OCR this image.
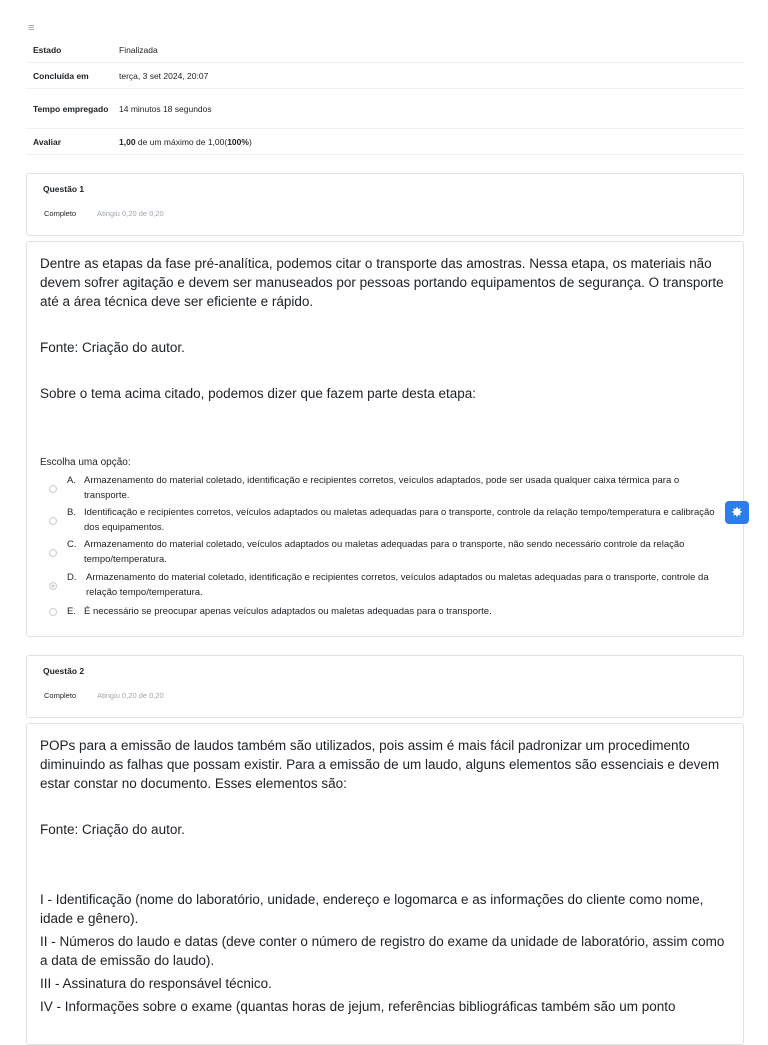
≡
Estado	Finalizada
Concluída em	terça, 3 set 2024, 20:07
Tempo empregado	14 minutos 18 segundos
Avaliar	1,00 de um máximo de 1,00(100%)
Questão 1
Completo	Atingiu 0,20 de 0,20

Dentre as etapas da fase pré-analítica, podemos citar o transporte das amostras. Nessa etapa, os materiais não devem sofrer agitação e devem ser manuseados por pessoas portando equipamentos de segurança. O transporte até a área técnica deve ser eficiente e rápido.

Fonte: Criação do autor.

Sobre o tema acima citado, podemos dizer que fazem parte desta etapa:

Escolha uma opção:
A. Armazenamento do material coletado, identificação e recipientes corretos, veículos adaptados, pode ser usada qualquer caixa térmica para o transporte.
B. Identificação e recipientes corretos, veículos adaptados ou maletas adequadas para o transporte, controle da relação tempo/temperatura e calibração dos equipamentos.
C. Armazenamento do material coletado, veículos adaptados ou maletas adequadas para o transporte, não sendo necessário controle da relação tempo/temperatura.
D. Armazenamento do material coletado, identificação e recipientes corretos, veículos adaptados ou maletas adequadas para o transporte, controle da relação tempo/temperatura.
E. É necessário se preocupar apenas veículos adaptados ou maletas adequadas para o transporte.
✸
Questão 2
Completo	Atingiu 0,20 de 0,20

POPs para a emissão de laudos também são utilizados, pois assim é mais fácil padronizar um procedimento diminuindo as falhas que possam existir. Para a emissão de um laudo, alguns elementos são essenciais e devem estar constar no documento. Esses elementos são:

Fonte: Criação do autor.

I - Identificação (nome do laboratório, unidade, endereço e logomarca e as informações do cliente como nome, idade e gênero).

II - Números do laudo e datas (deve conter o número de registro do exame da unidade de laboratório, assim como a data de emissão do laudo).

III - Assinatura do responsável técnico.

IV - Informações sobre o exame (quantas horas de jejum, referências bibliográficas também são um ponto
